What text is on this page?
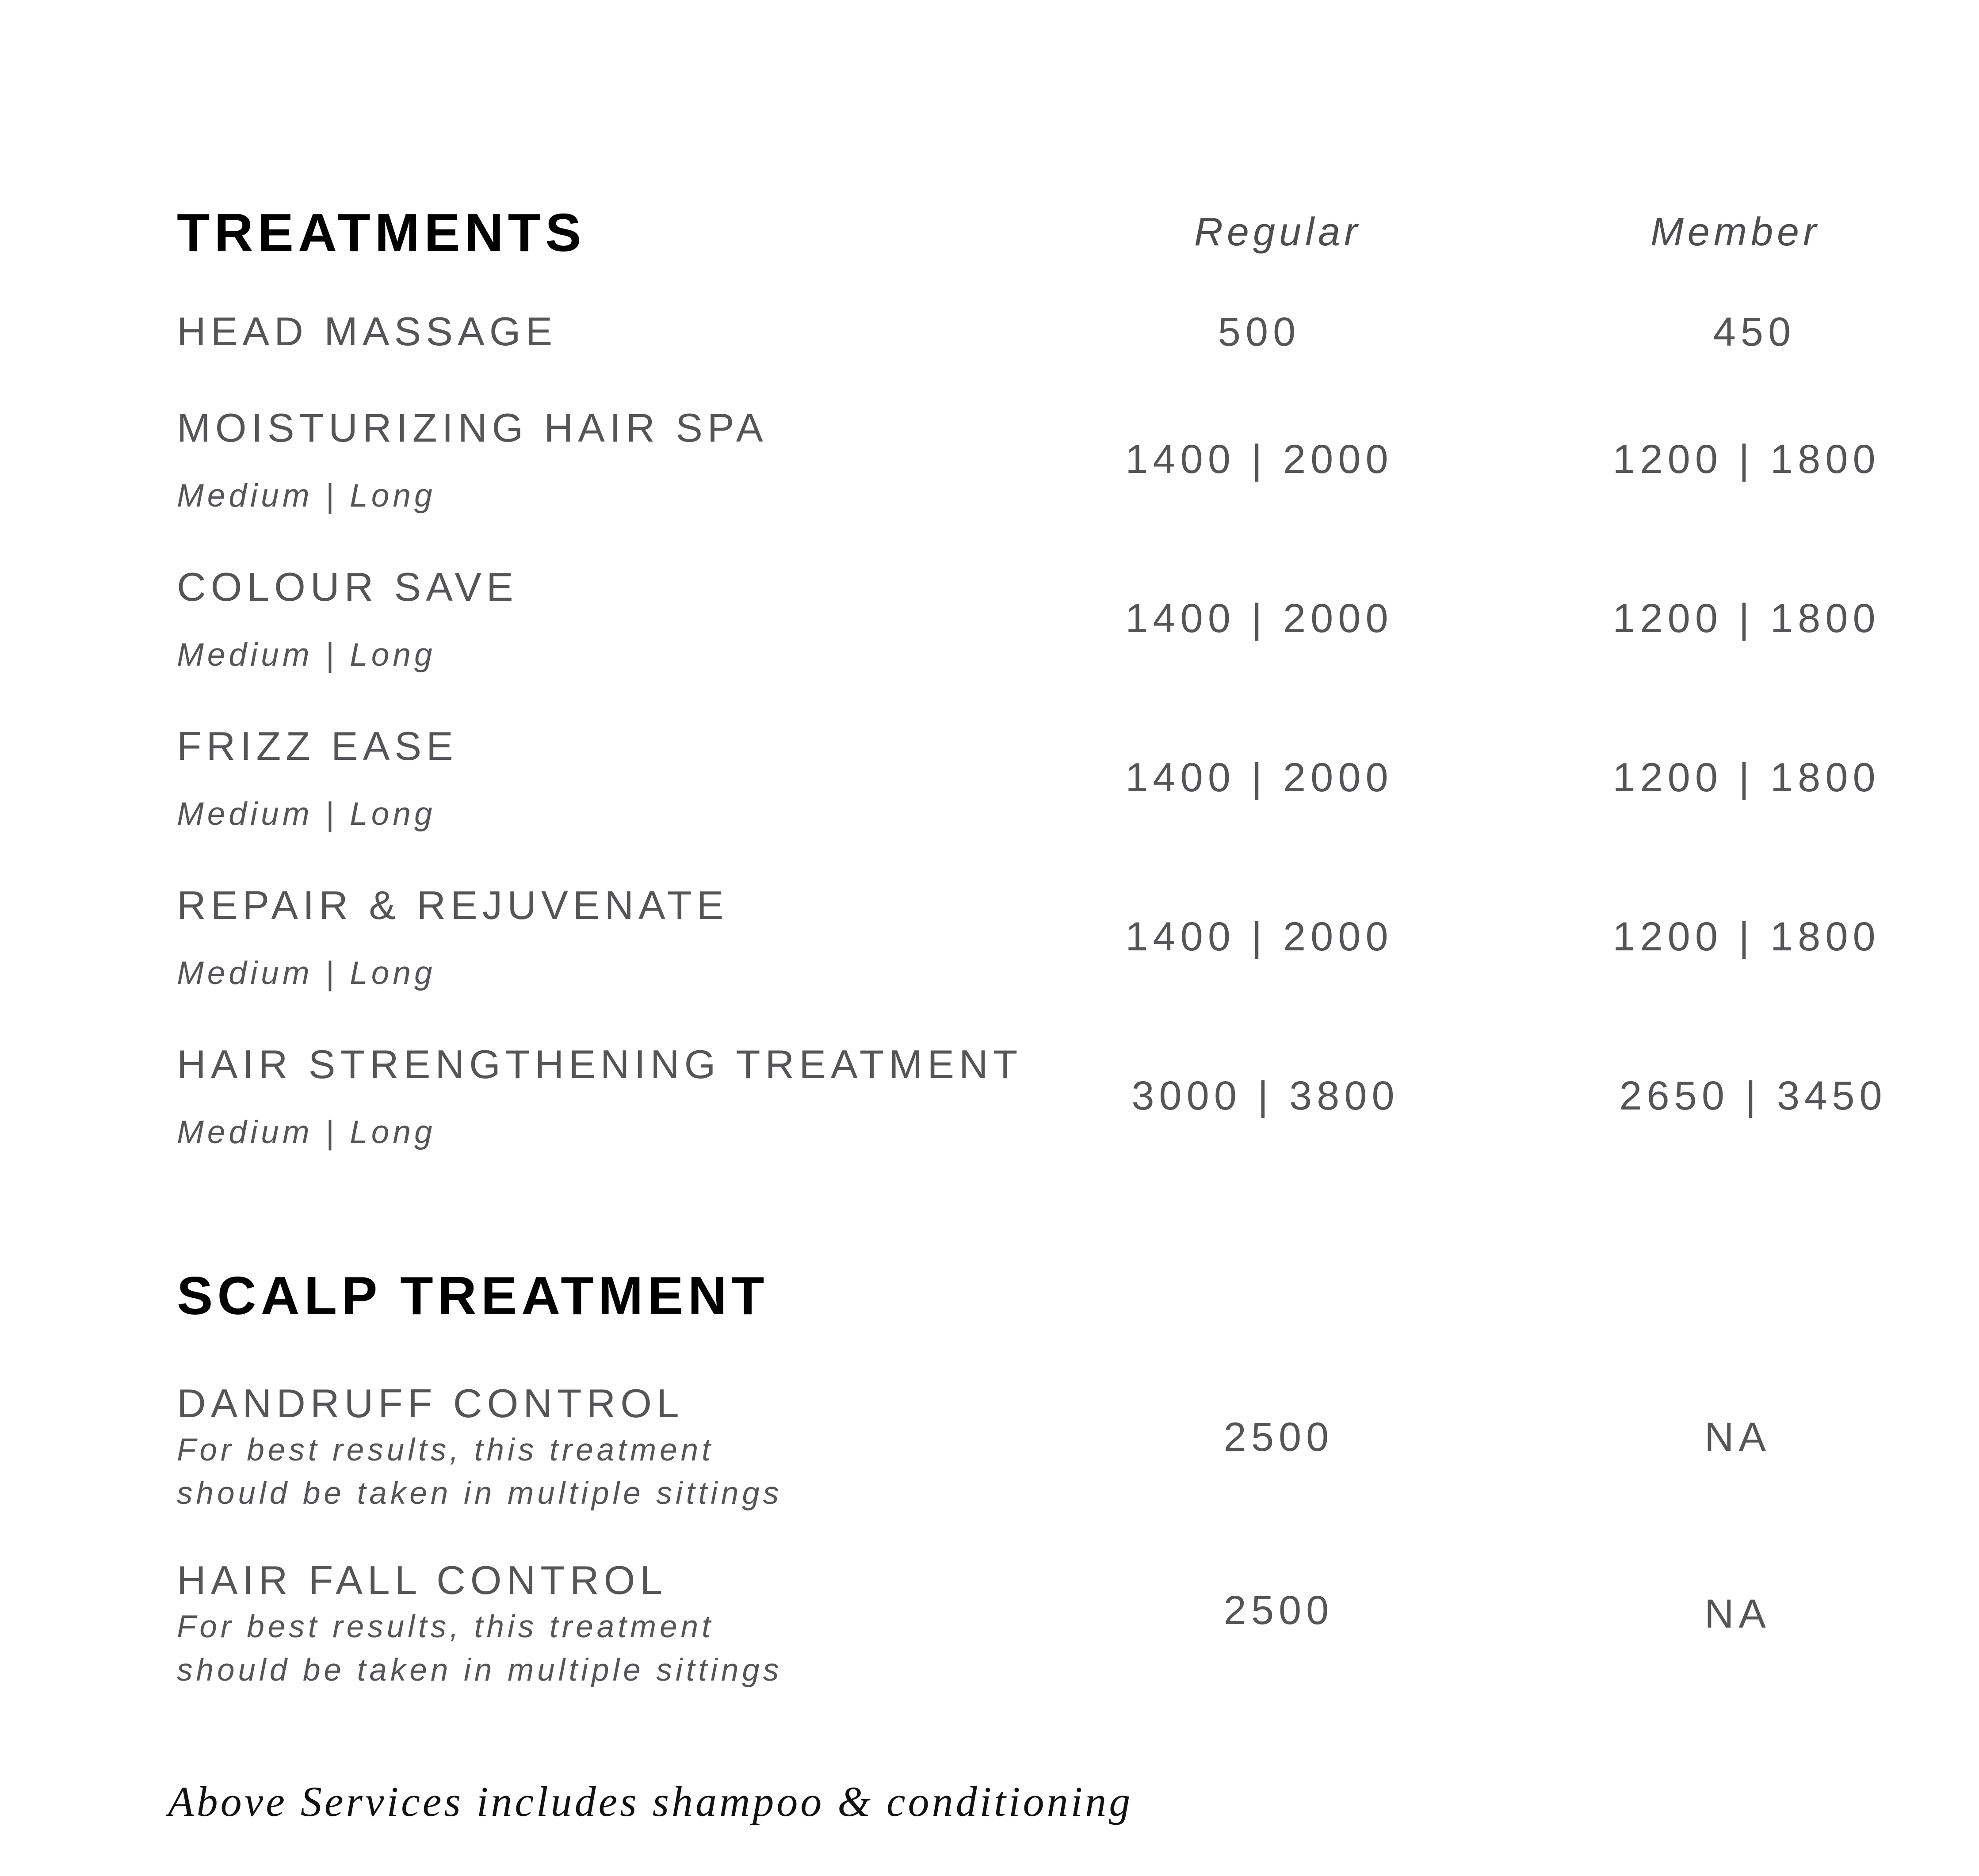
TREATMENTS	Regular	Member
HEAD MASSAGE	500	450
MOISTURIZING HAIR SPA
Medium | Long
1400 | 2000	1200 | 1800
COLOUR SAVE
Medium | Long
1400 | 2000	1200 | 1800
FRIZZ EASE
Medium | Long
1400 | 2000	1200 | 1800
REPAIR & REJUVENATE
Medium | Long
1400 | 2000	1200 | 1800
HAIR STRENGTHENING TREATMENT
Medium | Long
3000 | 3800	2650 | 3450
SCALP TREATMENT
DANDRUFF CONTROL
For best results, this treatment
should be taken in multiple sittings
2500	NA
HAIR FALL CONTROL
For best results, this treatment
should be taken in multiple sittings
2500	NA
Above Services includes shampoo & conditioning
